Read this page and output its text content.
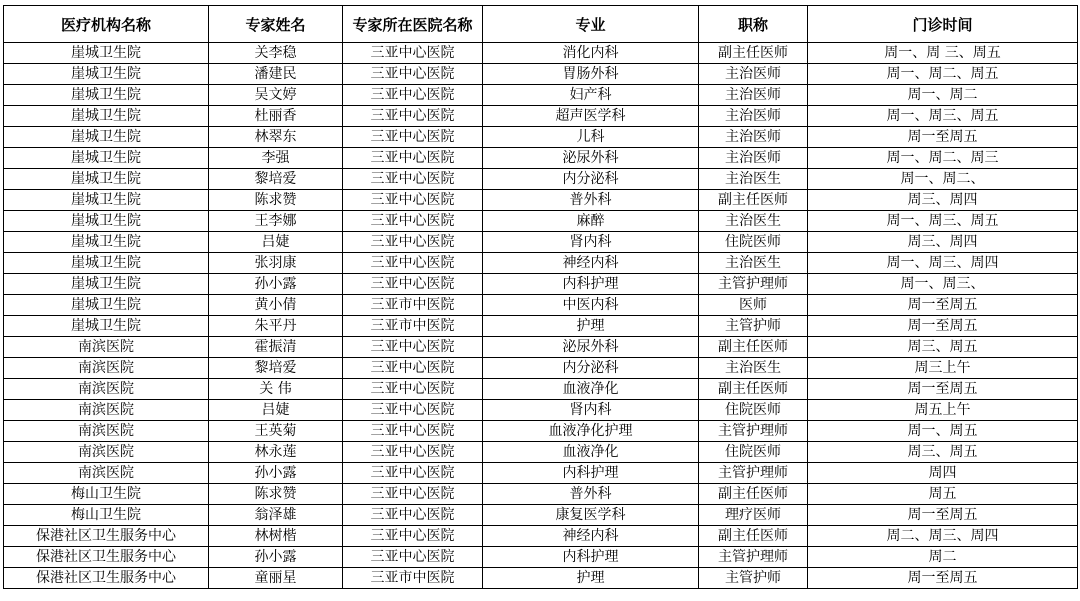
医疗机构名称	专家姓名	专家所在医院名称	专业	职称	门诊时间
崖城卫生院	关李稳	三亚中心医院	消化内科	副主任医师	周一、周 三、周五
崖城卫生院	潘建民	三亚中心医院	胃肠外科	主治医师	周一、周二、周五
崖城卫生院	吴文婷	三亚中心医院	妇产科	主治医师	周一、周二
崖城卫生院	杜丽香	三亚中心医院	超声医学科	主治医师	周一、周三、周五
崖城卫生院	林翠东	三亚中心医院	儿科	主治医师	周一至周五
崖城卫生院	李强	三亚中心医院	泌尿外科	主治医师	周一、周二、周三
崖城卫生院	黎培爱	三亚中心医院	内分泌科	主治医生	周一、周二、
崖城卫生院	陈求赞	三亚中心医院	普外科	副主任医师	周三、周四
崖城卫生院	王李娜	三亚中心医院	麻醉	主治医生	周一、周三、周五
崖城卫生院	吕婕	三亚中心医院	肾内科	住院医师	周三、周四
崖城卫生院	张羽康	三亚中心医院	神经内科	主治医生	周一、周三、周四
崖城卫生院	孙小露	三亚中心医院	内科护理	主管护理师	周一、周三、
崖城卫生院	黄小倩	三亚市中医院	中医内科	医师	周一至周五
崖城卫生院	朱平丹	三亚市中医院	护理	主管护师	周一至周五
南滨医院	霍振清	三亚中心医院	泌尿外科	副主任医师	周三、周五
南滨医院	黎培爱	三亚中心医院	内分泌科	主治医生	周三上午
南滨医院	关 伟	三亚中心医院	血液净化	副主任医师	周一至周五
南滨医院	吕婕	三亚中心医院	肾内科	住院医师	周五上午
南滨医院	王英菊	三亚中心医院	血液净化护理	主管护理师	周一、周五
南滨医院	林永莲	三亚中心医院	血液净化	住院医师	周三、周五
南滨医院	孙小露	三亚中心医院	内科护理	主管护理师	周四
梅山卫生院	陈求赞	三亚中心医院	普外科	副主任医师	周五
梅山卫生院	翁泽雄	三亚中心医院	康复医学科	理疗医师	周一至周五
保港社区卫生服务中心	林树楷	三亚中心医院	神经内科	副主任医师	周二、周三、周四
保港社区卫生服务中心	孙小露	三亚中心医院	内科护理	主管护理师	周二
保港社区卫生服务中心	童丽星	三亚市中医院	护理	主管护师	周一至周五
